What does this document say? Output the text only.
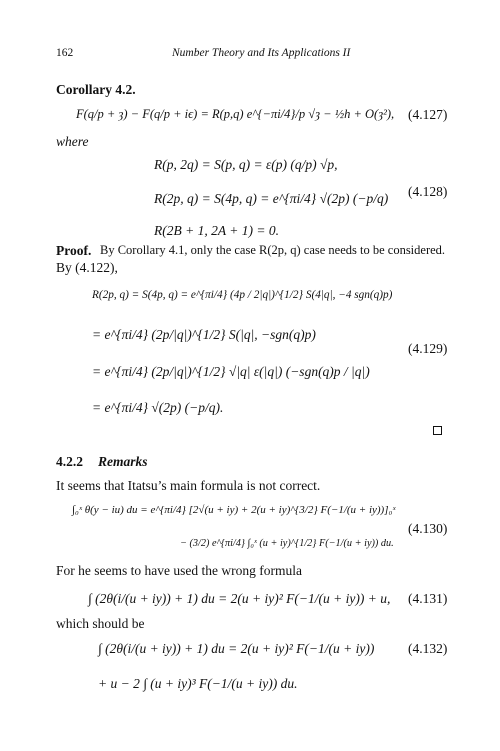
162	Number Theory and Its Applications II
Corollary 4.2.
F(q/p + ȝ) − F(q/p + iϵ) = R(p,q) e^{−πi/4}/p √ȝ − ½h + O(ȝ²), (4.127)
where
R(p, 2q) = S(p, q) = ε(p) (q/p) √p,
R(2p, q) = S(4p, q) = e^{πi/4} √(2p) (−p/q) (4.128)
R(2B + 1, 2A + 1) = 0.
Proof. By Corollary 4.1, only the case R(2p, q) case needs to be considered.
By (4.122),
R(2p, q) = S(4p, q) = e^{πi/4} (4p / 2|q|)^{1/2} S(4|q|, −4 sgn(q)p)
= e^{πi/4} (2p/|q|)^{1/2} S(|q|, −sgn(q)p)
= e^{πi/4} (2p/|q|)^{1/2} √|q| ε(|q|) (−sgn(q)p / |q|)
(4.129)
= e^{πi/4} √(2p) (−p/q).
4.2.2 Remarks
It seems that Itatsu’s main formula is not correct.
∫₀ˣ θ(y − iu) du = e^{πi/4} [2√(u + iy) + 2(u + iy)^{3/2} F(−1/(u + iy))]₀ˣ
(4.130)
− (3/2) e^{πi/4} ∫₀ˣ (u + iy)^{1/2} F(−1/(u + iy)) du.
For he seems to have used the wrong formula
∫ (2θ(i/(u + iy)) + 1) du = 2(u + iy)² F(−1/(u + iy)) + u, (4.131)
which should be
∫ (2θ(i/(u + iy)) + 1) du = 2(u + iy)² F(−1/(u + iy)) (4.132)
+ u − 2 ∫ (u + iy)³ F(−1/(u + iy)) du.
